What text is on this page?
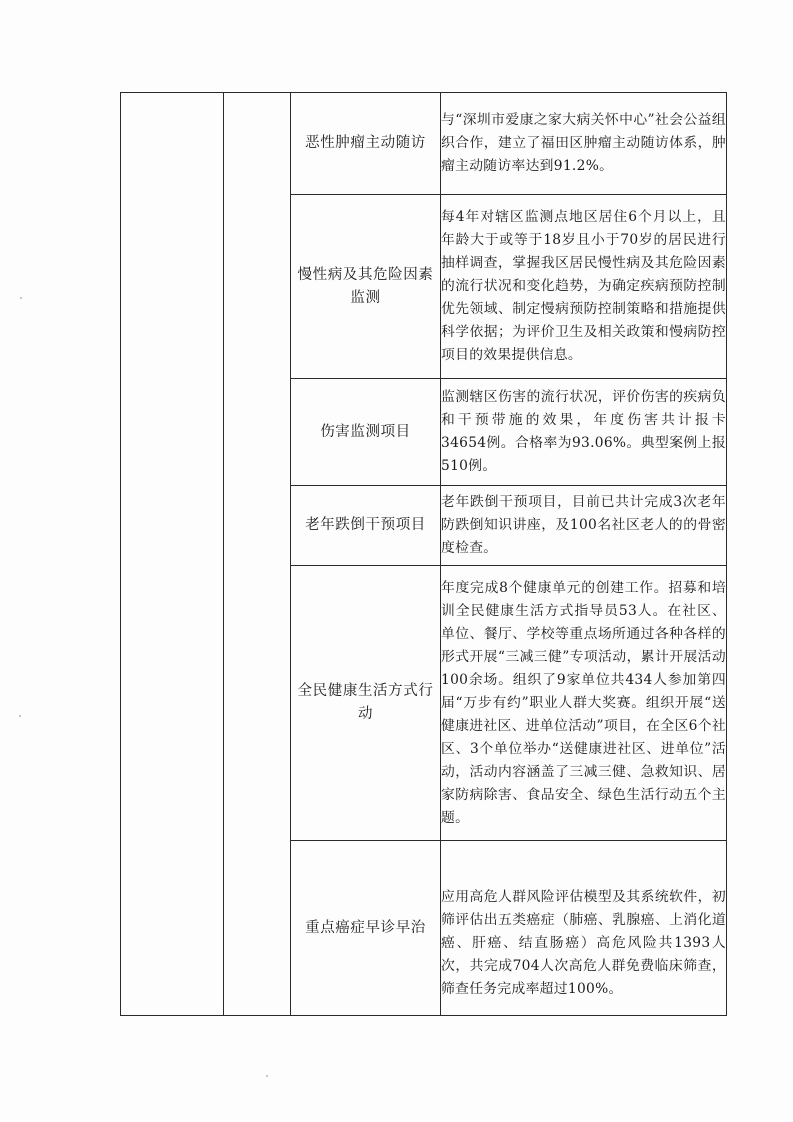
		恶性肿瘤主动随访	与“深圳市爱康之家大病关怀中心”社会公益组织合作，建立了福田区肿瘤主动随访体系，肿瘤主动随访率达到91.2%。
		慢性病及其危险因素监测	每4年对辖区监测点地区居住6个月以上，且年龄大于或等于18岁且小于70岁的居民进行抽样调查，掌握我区居民慢性病及其危险因素的流行状况和变化趋势，为确定疾病预防控制优先领域、制定慢病预防控制策略和措施提供科学依据；为评价卫生及相关政策和慢病防控项目的效果提供信息。
		伤害监测项目	监测辖区伤害的流行状况，评价伤害的疾病负和干预带施的效果，年度伤害共计报卡34654例。合格率为93.06%。典型案例上报510例。
		老年跌倒干预项目	老年跌倒干预项目，目前已共计完成3次老年防跌倒知识讲座，及100名社区老人的的骨密度检查。
		全民健康生活方式行动	年度完成8个健康单元的创建工作。招募和培训全民健康生活方式指导员53人。在社区、单位、餐厅、学校等重点场所通过各种各样的形式开展“三减三健”专项活动，累计开展活动100余场。组织了9家单位共434人参加第四届“万步有约”职业人群大奖赛。组织开展“送健康进社区、进单位活动”项目，在全区6个社区、3个单位举办“送健康进社区、进单位”活动，活动内容涵盖了三减三健、急救知识、居家防病除害、食品安全、绿色生活行动五个主题。
		重点癌症早诊早治	应用高危人群风险评估模型及其系统软件，初筛评估出五类癌症（肺癌、乳腺癌、上消化道癌、肝癌、结直肠癌）高危风险共1393人次，共完成704人次高危人群免费临床筛查，筛查任务完成率超过100%。
